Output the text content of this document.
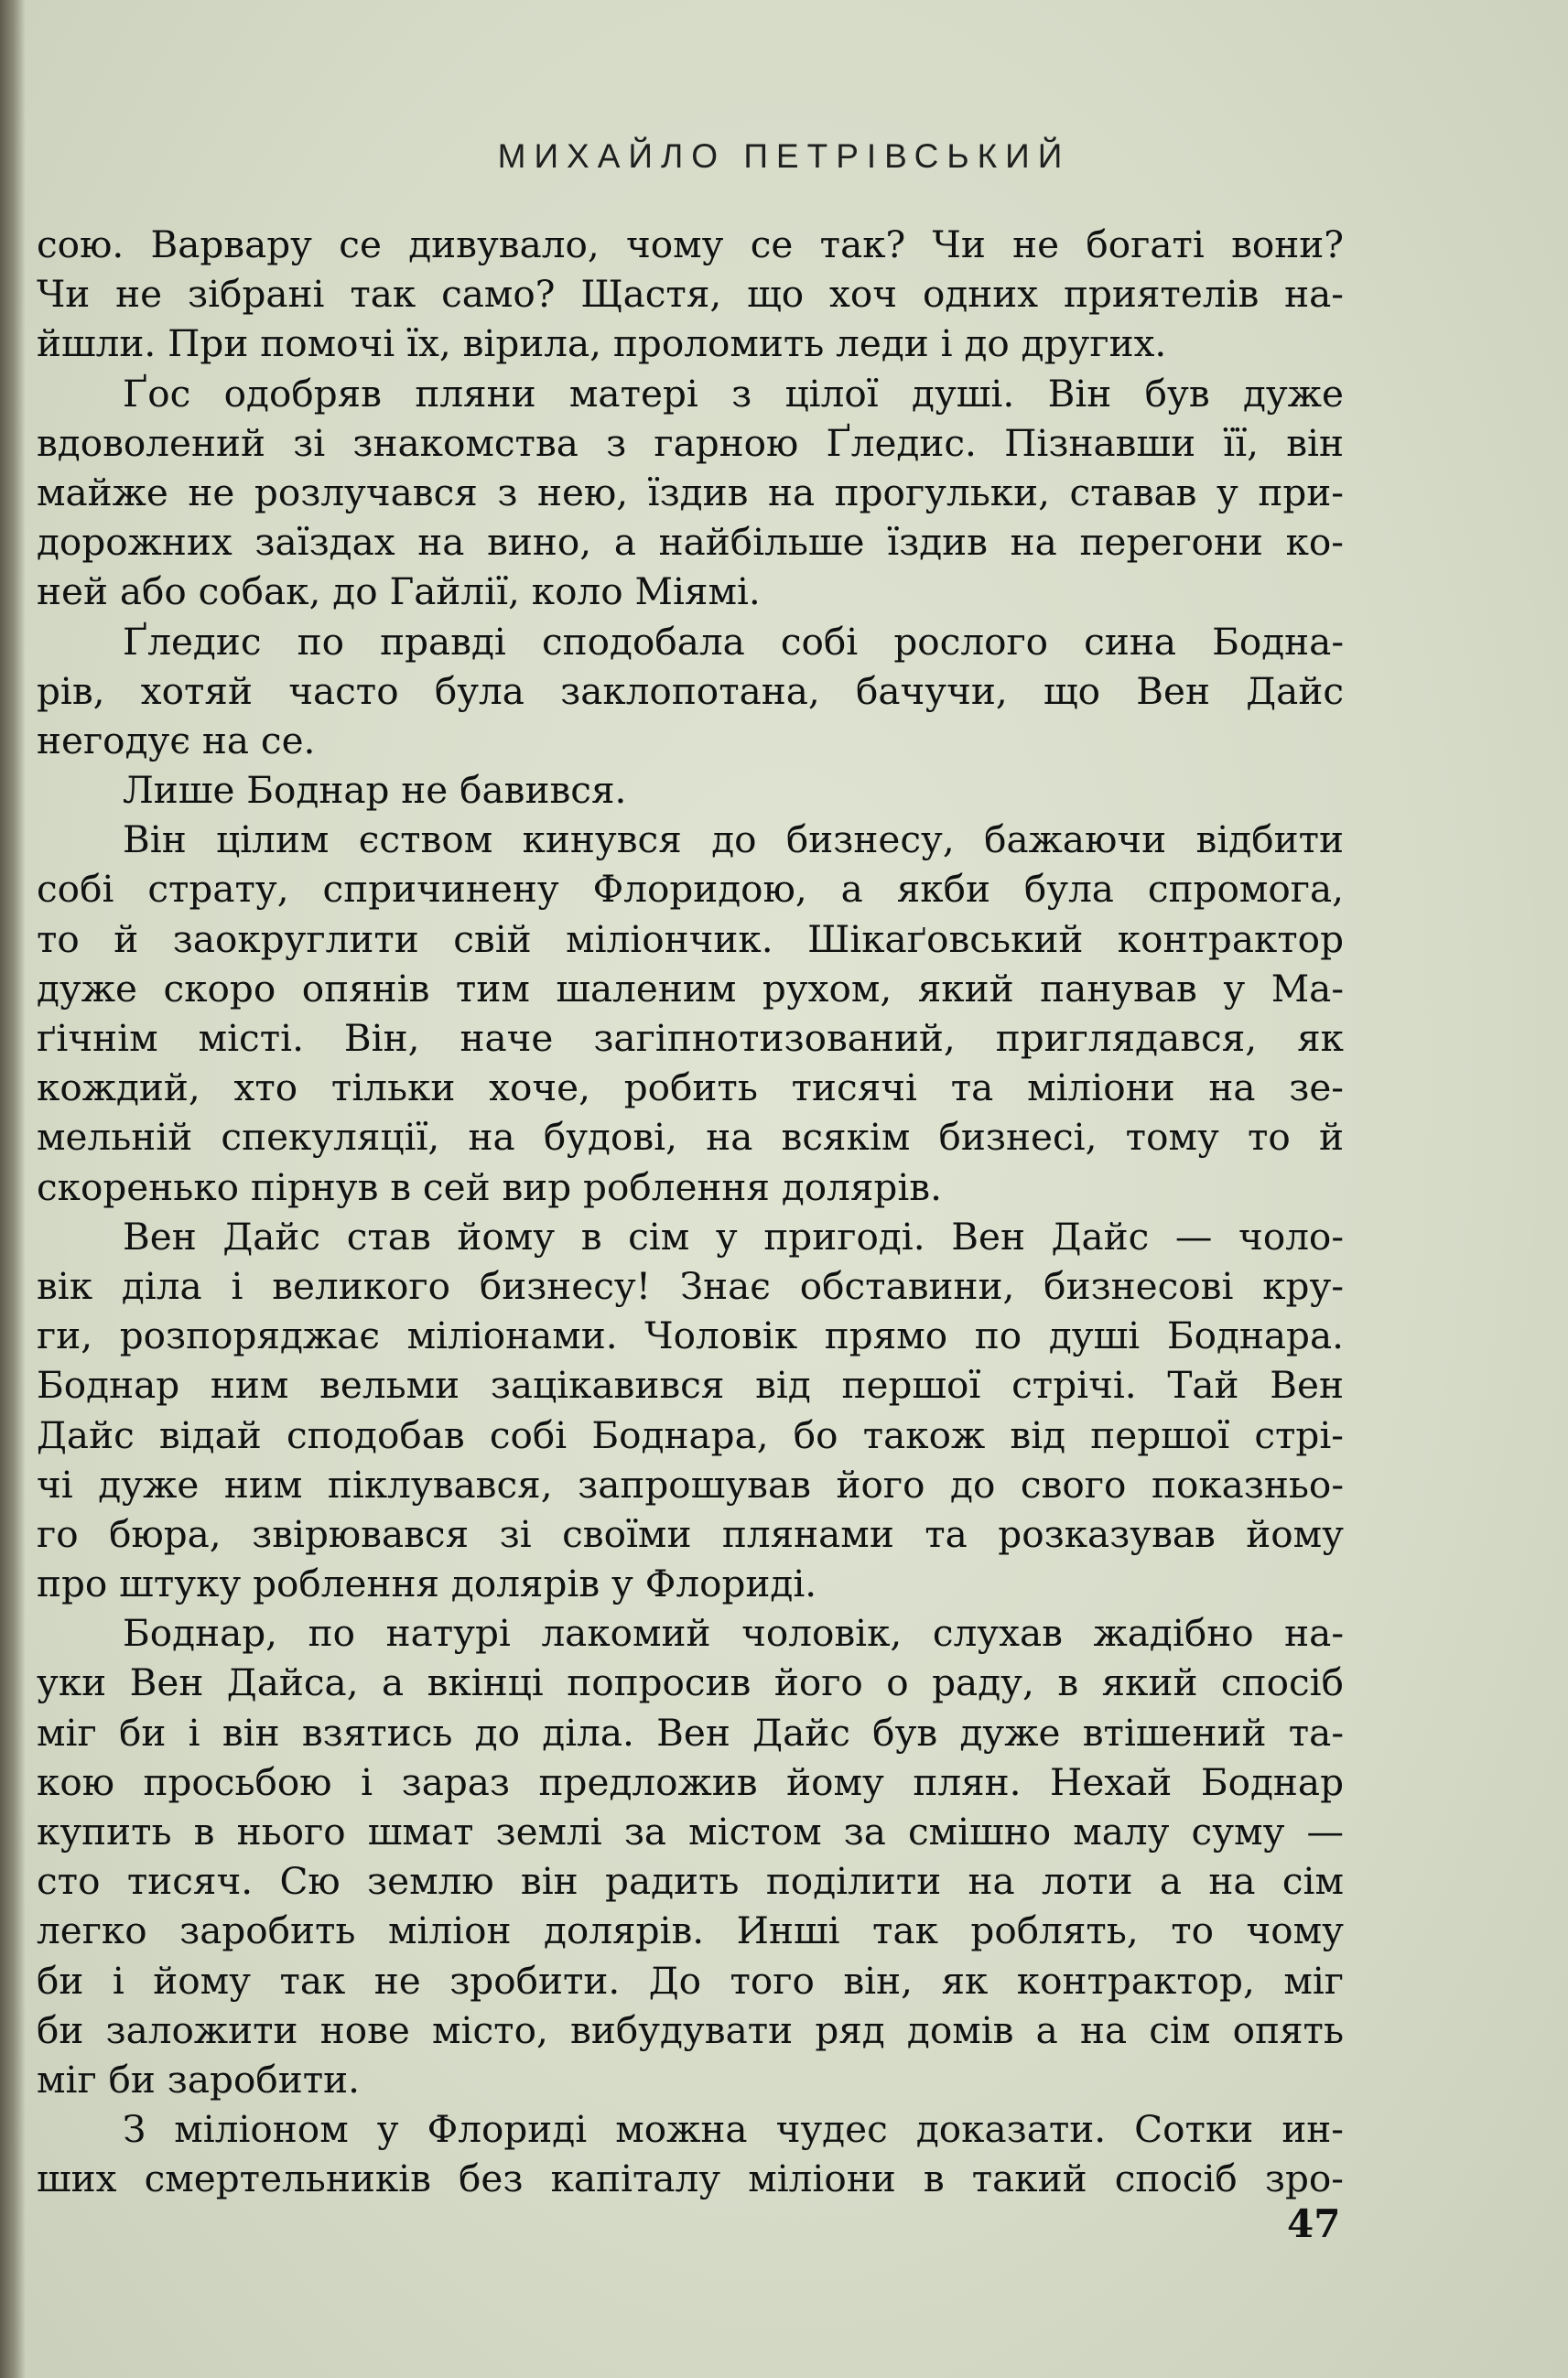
МИХАЙЛО ПЕТРІВСЬКИЙ
сою. Варвару се дивувало, чому се так? Чи не богаті вони?
Чи не зібрані так само? Щастя, що хоч одних приятелів на-
йшли. При помочі їх, вірила, проломить леди і до других.
Ґос одобряв пляни матері з цілої душі. Він був дуже
вдоволений зі знакомства з гарною Ґледис. Пізнавши її, він
майже не розлучався з нею, їздив на прогульки, ставав у при-
дорожних заїздах на вино, а найбільше їздив на перегони ко-
ней або собак, до Гайлії, коло Міямі.
Ґледис по правді сподобала собі рослого сина Бодна-
рів, хотяй часто була заклопотана, бачучи, що Вен Дайс
негодує на се.
Лише Боднар не бавився.
Він цілим єством кинувся до бизнесу, бажаючи відбити
собі страту, спричинену Флоридою, а якби була спромога,
то й заокруглити свій міліончик. Шікаґовський контрактор
дуже скоро опянів тим шаленим рухом, який панував у Ма-
ґічнім місті. Він, наче загіпнотизований, приглядався, як
кождий, хто тільки хоче, робить тисячі та міліони на зе-
мельній спекуляції, на будові, на всякім бизнесі, тому то й
скоренько пірнув в сей вир роблення долярів.
Вен Дайс став йому в сім у пригоді. Вен Дайс — чоло-
вік діла і великого бизнесу! Знає обставини, бизнесові кру-
ги, розпоряджає міліонами. Чоловік прямо по душі Боднара.
Боднар ним вельми зацікавився від першої стрічі. Тай Вен
Дайс відай сподобав собі Боднара, бо також від першої стрі-
чі дуже ним піклувався, запрошував його до свого показньо-
го бюра, звірювався зі своїми плянами та розказував йому
про штуку роблення долярів у Флориді.
Боднар, по натурі лакомий чоловік, слухав жадібно на-
уки Вен Дайса, а вкінці попросив його о раду, в який спосіб
міг би і він взятись до діла. Вен Дайс був дуже втішений та-
кою просьбою і зараз предложив йому плян. Нехай Боднар
купить в нього шмат землі за містом за смішно малу суму —
сто тисяч. Сю землю він радить поділити на лоти а на сім
легко заробить міліон долярів. Инші так роблять, то чому
би і йому так не зробити. До того він, як контрактор, міг
би заложити нове місто, вибудувати ряд домів а на сім опять
міг би заробити.
З міліоном у Флориді можна чудес доказати. Сотки ин-
ших смертельників без капіталу міліони в такий спосіб зро-
47
